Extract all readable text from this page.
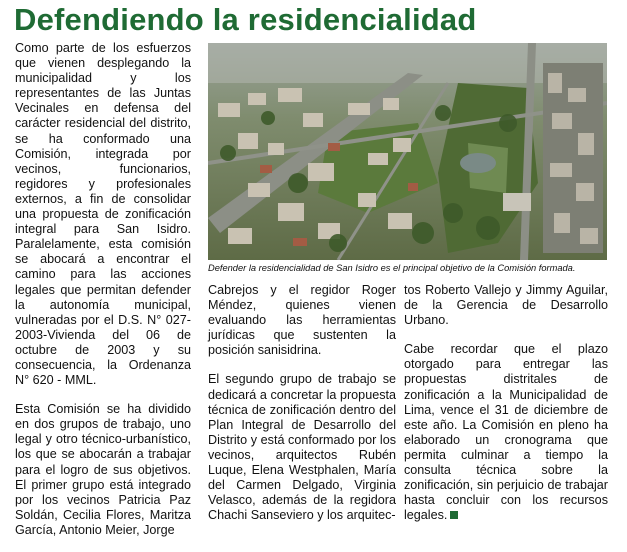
Defendiendo la residencialidad

Como parte de los esfuerzos que vienen desplegando la municipalidad y los representantes de las Juntas Vecinales en defensa del carácter residencial del distrito, se ha conformado una Comisión, integrada por vecinos, funcionarios, regidores y profesionales externos, a fin de consolidar una propuesta de zonificación integral para San Isidro. Paralelamente, esta comisión se abocará a encontrar el camino para las acciones legales que permitan defender la autonomía municipal, vulneradas por el D.S. N° 027-2003-Vivienda del 06 de octubre de 2003 y su consecuencia, la Ordenanza N° 620 - MML.

Esta Comisión se ha dividido en dos grupos de trabajo, uno legal y otro técnico-urbanístico, los que se abocarán a trabajar para el logro de sus objetivos. El primer grupo está integrado por los vecinos Patricia Paz Soldán, Cecilia Flores, Maritza García, Antonio Meier, Jorge

Defender la residencialidad de San Isidro es el principal objetivo de la Comisión formada.

Cabrejos y el regidor Roger Méndez, quienes vienen evaluando las herramientas jurídicas que sustenten la posición sanisidrina.

El segundo grupo de trabajo se dedicará a concretar la propuesta técnica de zonificación dentro del Plan Integral de Desarrollo del Distrito y está conformado por los vecinos, arquitectos Rubén Luque, Elena Westphalen, María del Carmen Delgado, Virginia Velasco, además de la regidora Chachi Sanseviero y los arquitec-

tos Roberto Vallejo y Jimmy Aguilar, de la Gerencia de Desarrollo Urbano.

Cabe recordar que el plazo otorgado para entregar las propuestas distritales de zonificación a la Municipalidad de Lima, vence el 31 de diciembre de este año. La Comisión en pleno ha elaborado un cronograma que permita culminar a tiempo la consulta técnica sobre la zonificación, sin perjuicio de trabajar hasta concluir con los recursos legales.
